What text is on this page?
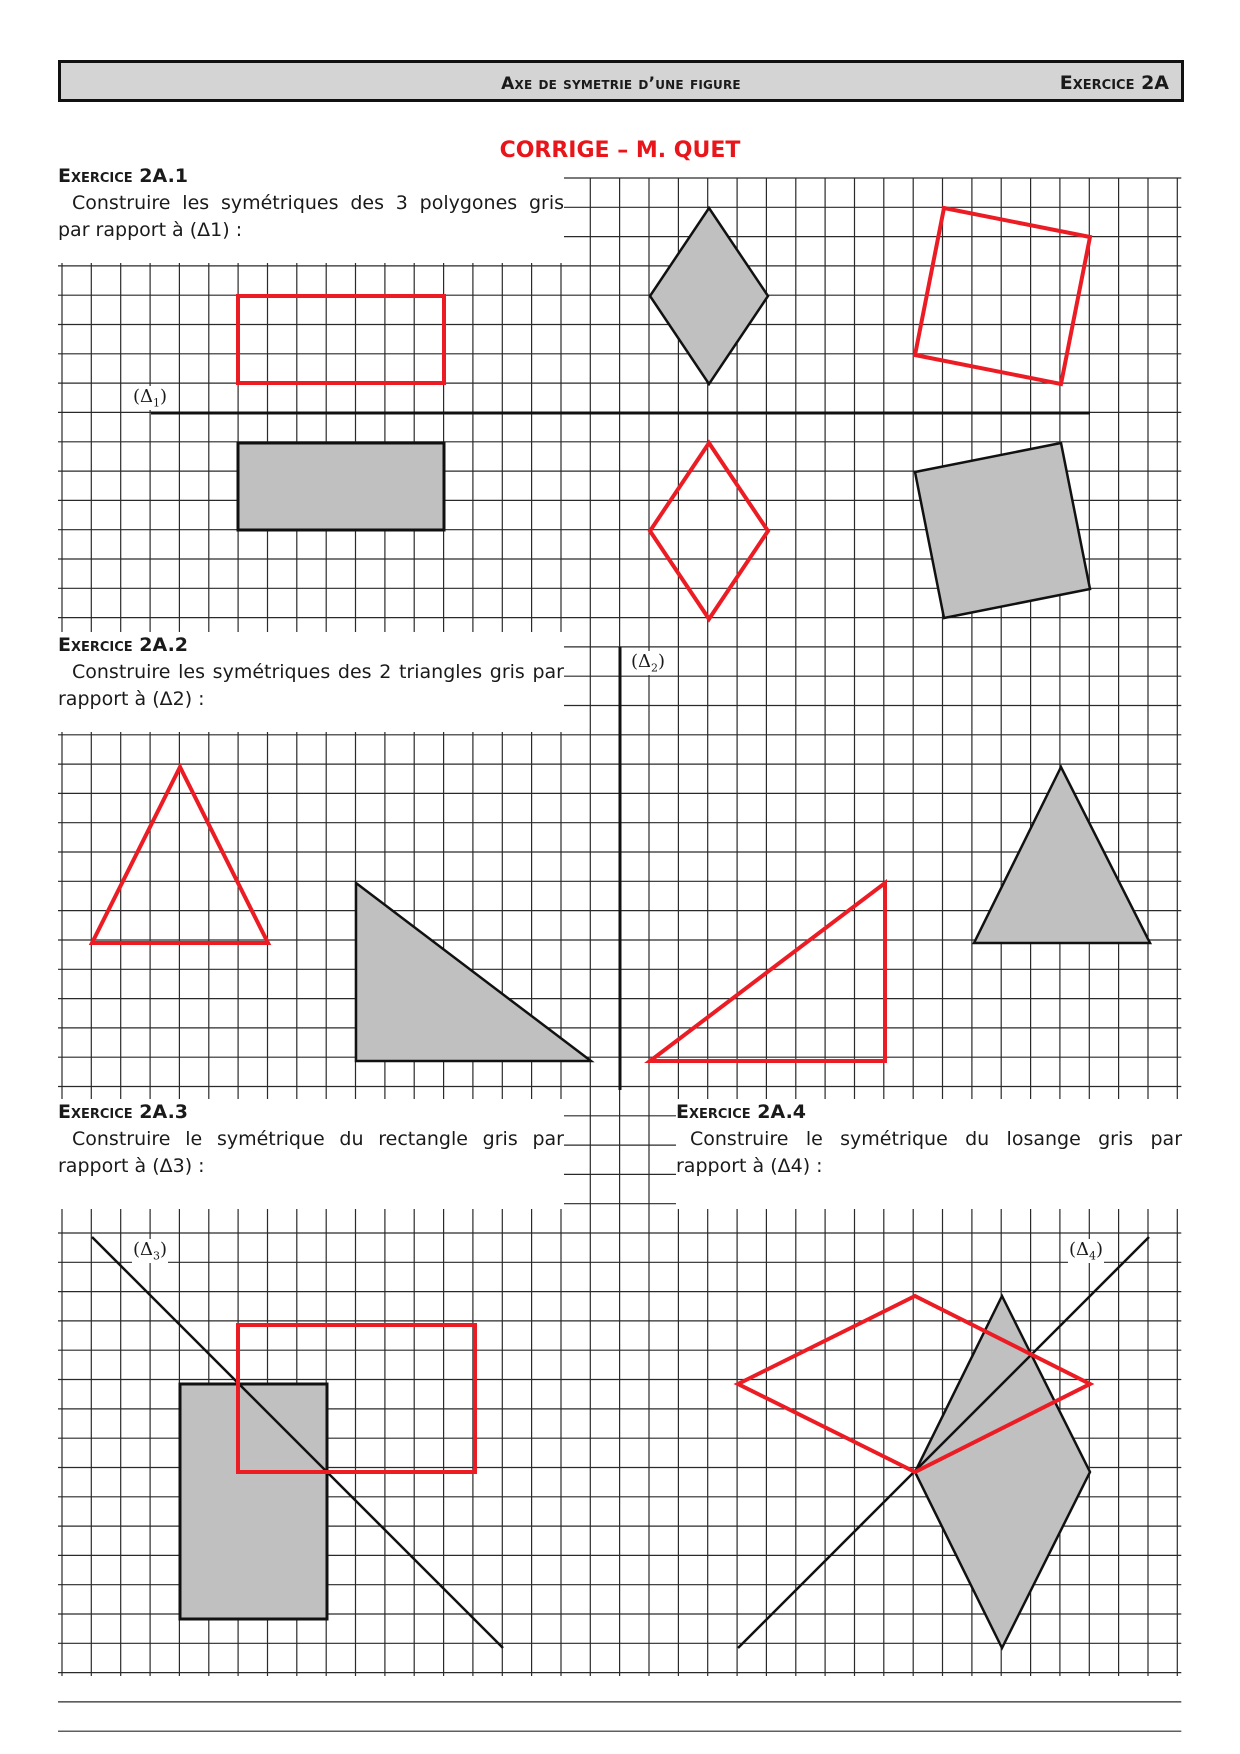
Axe de symetrie d’une figure	Exercice 2A
CORRIGE – M. QUET
$(\Delta_1)$
$(\Delta_2)$
$(\Delta_3)$	$(\Delta_4)$
Exercice 2A.1
Construire les symétriques des 3 polygones gris par rapport à (Δ1) :
Exercice 2A.2
Construire les symétriques des 2 triangles gris par rapport à (Δ2) :
Exercice 2A.3
Construire le symétrique du rectangle gris par rapport à (Δ3) :
Exercice 2A.4
Construire le symétrique du losange gris par rapport à (Δ4) :
